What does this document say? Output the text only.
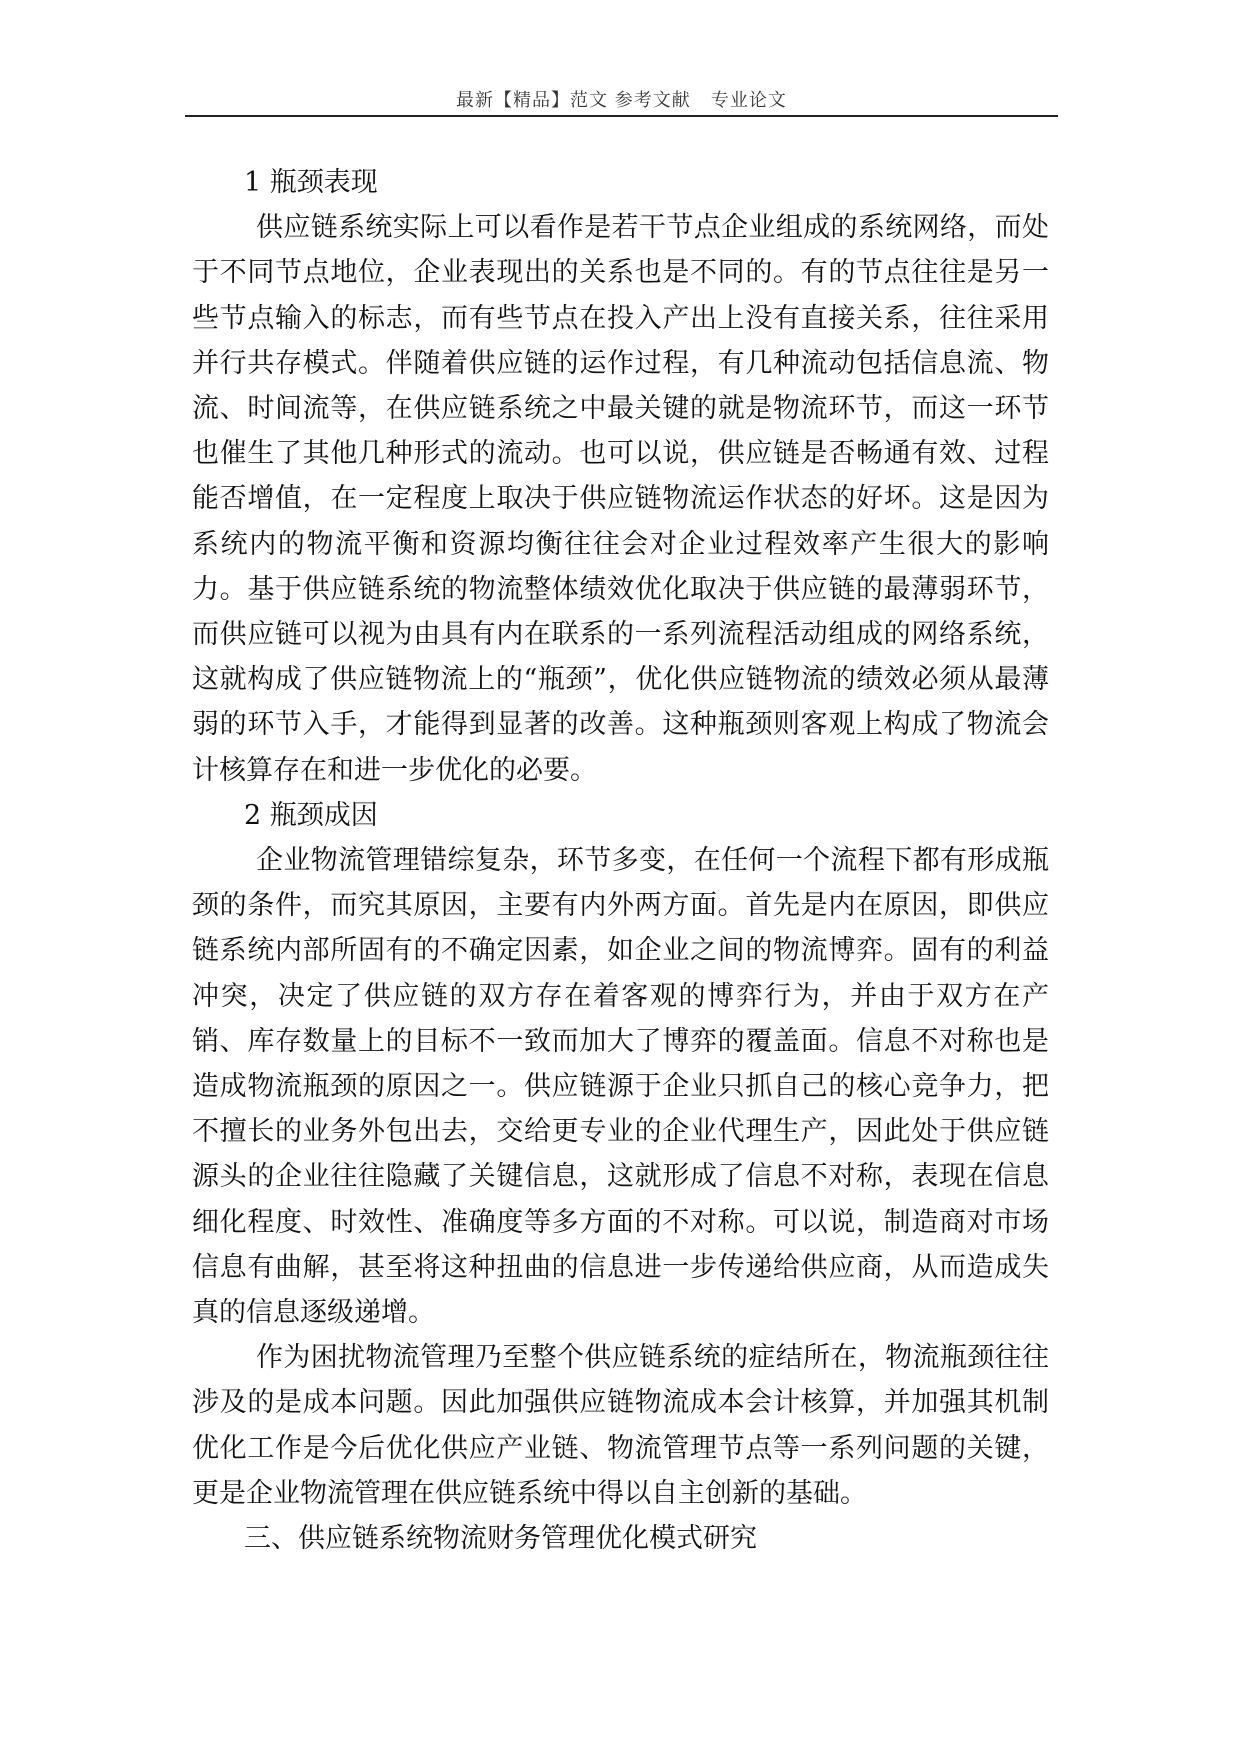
最新【精品】范文 参考文献   专业论文

1 瓶颈表现

供应链系统实际上可以看作是若干节点企业组成的系统网络，而处于不同节点地位，企业表现出的关系也是不同的。有的节点往往是另一些节点输入的标志，而有些节点在投入产出上没有直接关系，往往采用并行共存模式。伴随着供应链的运作过程，有几种流动包括信息流、物流、时间流等，在供应链系统之中最关键的就是物流环节，而这一环节也催生了其他几种形式的流动。也可以说，供应链是否畅通有效、过程能否增值，在一定程度上取决于供应链物流运作状态的好坏。这是因为系统内的物流平衡和资源均衡往往会对企业过程效率产生很大的影响力。基于供应链系统的物流整体绩效优化取决于供应链的最薄弱环节，而供应链可以视为由具有内在联系的一系列流程活动组成的网络系统，这就构成了供应链物流上的“瓶颈”，优化供应链物流的绩效必须从最薄弱的环节入手，才能得到显著的改善。这种瓶颈则客观上构成了物流会计核算存在和进一步优化的必要。

2 瓶颈成因

企业物流管理错综复杂，环节多变，在任何一个流程下都有形成瓶颈的条件，而究其原因，主要有内外两方面。首先是内在原因，即供应链系统内部所固有的不确定因素，如企业之间的物流博弈。固有的利益冲突，决定了供应链的双方存在着客观的博弈行为，并由于双方在产销、库存数量上的目标不一致而加大了博弈的覆盖面。信息不对称也是造成物流瓶颈的原因之一。供应链源于企业只抓自己的核心竞争力，把不擅长的业务外包出去，交给更专业的企业代理生产，因此处于供应链源头的企业往往隐藏了关键信息，这就形成了信息不对称，表现在信息细化程度、时效性、准确度等多方面的不对称。可以说，制造商对市场信息有曲解，甚至将这种扭曲的信息进一步传递给供应商，从而造成失真的信息逐级递增。

作为困扰物流管理乃至整个供应链系统的症结所在，物流瓶颈往往涉及的是成本问题。因此加强供应链物流成本会计核算，并加强其机制优化工作是今后优化供应产业链、物流管理节点等一系列问题的关键，更是企业物流管理在供应链系统中得以自主创新的基础。

三、供应链系统物流财务管理优化模式研究
